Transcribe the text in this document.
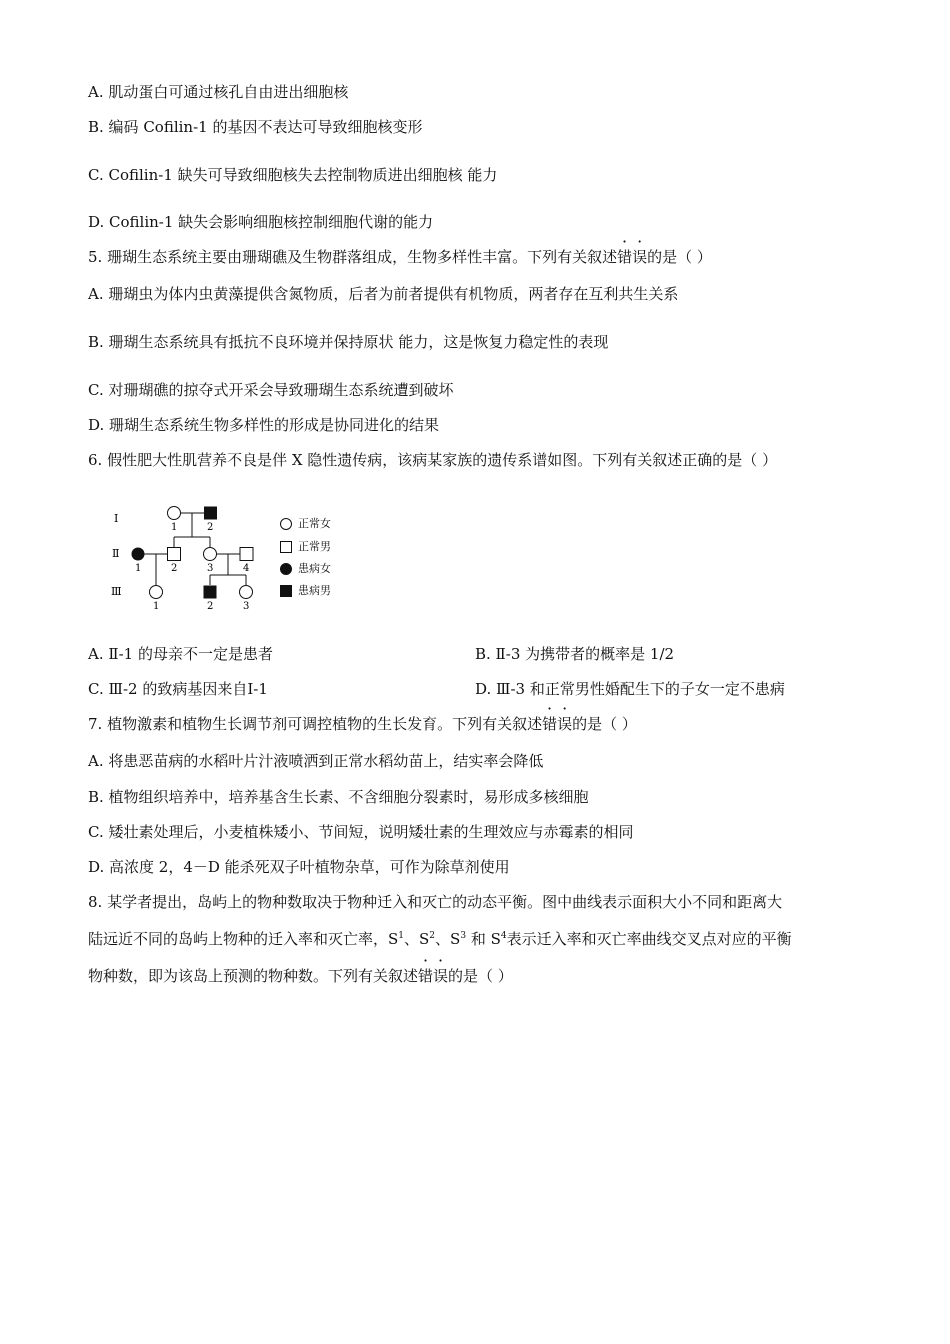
A. 肌动蛋白可通过核孔自由进出细胞核
B. 编码 Cofilin-1 的基因不表达可导致细胞核变形
C. Cofilin-1 缺失可导致细胞核失去控制物质进出细胞核 能力
D. Cofilin-1 缺失会影响细胞核控制细胞代谢的能力
5. 珊瑚生态系统主要由珊瑚礁及生物群落组成，生物多样性丰富。下列有关叙述错误的是（ ）
A. 珊瑚虫为体内虫黄藻提供含氮物质，后者为前者提供有机物质，两者存在互利共生关系
B. 珊瑚生态系统具有抵抗不良环境并保持原状 能力，这是恢复力稳定性的表现
C. 对珊瑚礁的掠夺式开采会导致珊瑚生态系统遭到破坏
D. 珊瑚生态系统生物多样性的形成是协同进化的结果
6. 假性肥大性肌营养不良是伴 X 隐性遗传病，该病某家族的遗传系谱如图。下列有关叙述正确的是（ ）
Ⅰ
Ⅱ
Ⅲ
1	2
1	2	3	4
1	2	3
正常女
正常男
患病女
患病男
A. Ⅱ-1 的母亲不一定是患者	B. Ⅱ-3 为携带者的概率是 1/2
C. Ⅲ-2 的致病基因来自Ⅰ-1	D. Ⅲ-3 和正常男性婚配生下的子女一定不患病
7. 植物激素和植物生长调节剂可调控植物的生长发育。下列有关叙述错误的是（ ）
A. 将患恶苗病的水稻叶片汁液喷洒到正常水稻幼苗上，结实率会降低
B. 植物组织培养中，培养基含生长素、不含细胞分裂素时，易形成多核细胞
C. 矮壮素处理后，小麦植株矮小、节间短，说明矮壮素的生理效应与赤霉素的相同
D. 高浓度 2，4－D 能杀死双子叶植物杂草，可作为除草剂使用
8. 某学者提出，岛屿上的物种数取决于物种迁入和灭亡的动态平衡。图中曲线表示面积大小不同和距离大
陆远近不同的岛屿上物种的迁入率和灭亡率，$S^1$、$S^2$、$S^3$ 和 $S^4$表示迁入率和灭亡率曲线交叉点对应的平衡
物种数，即为该岛上预测的物种数。下列有关叙述错误的是（ ）
